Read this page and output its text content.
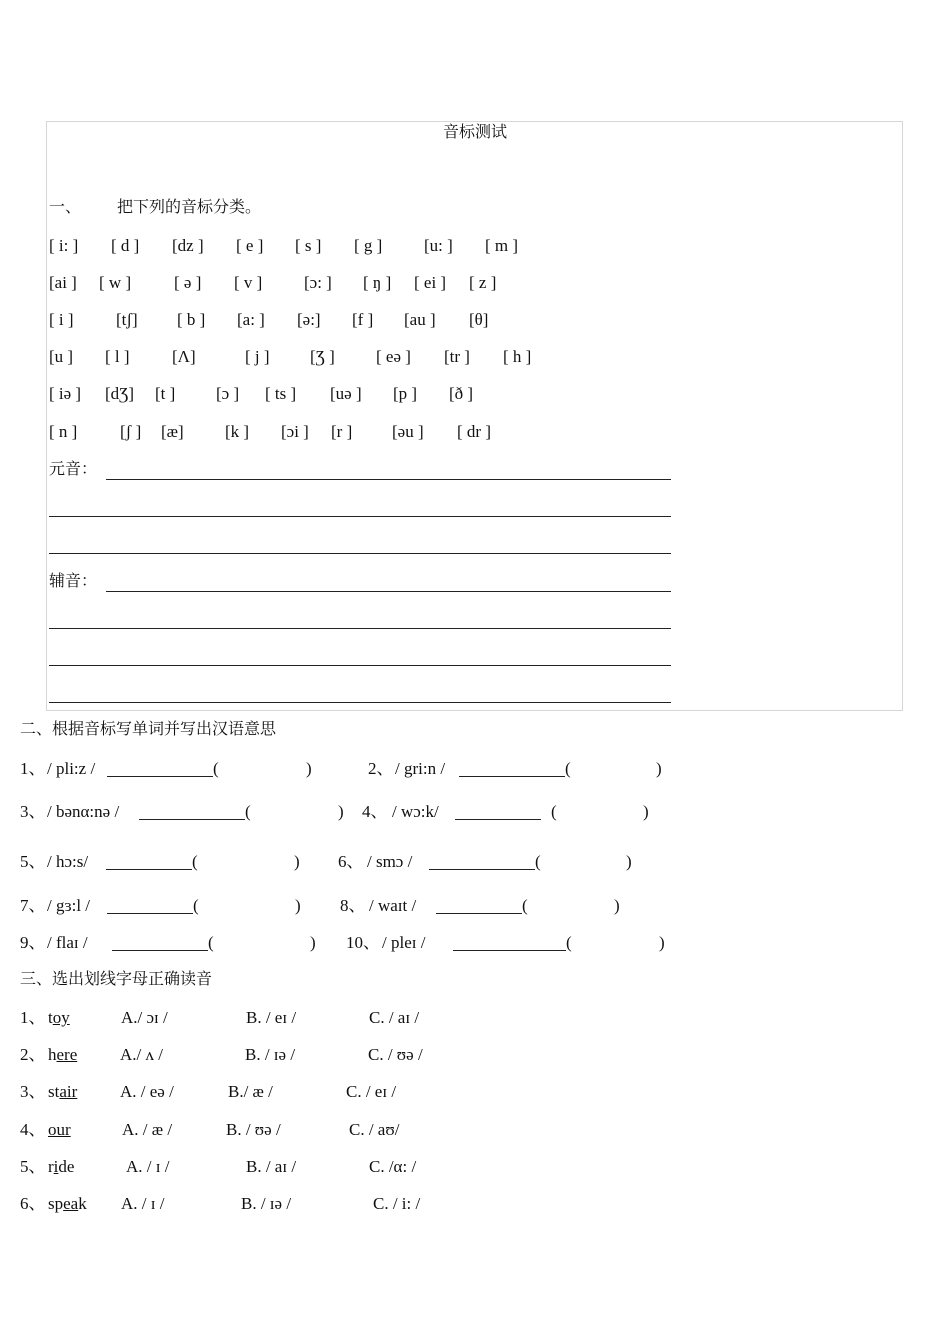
音标测试
一、 把下列的音标分类。
[ i: ] [ d ] [dz ] [ e ] [ s ] [ g ] [u: ] [ m ]
[ai ] [ w ]	[ ə ] [ v ] [ɔ: ] [ ŋ ] [ ei ] [ z ]
[ i ] [tʃ] [ b ] [a: ] [ə:] [f ] [au ] [θ]
[u ] [ l ] [Λ]	[ j ] [Ʒ ] [ eə ] [tr ] [ h ]
[ iə ] [dƷ] [t ] [ɔ ] [ ts ] [uə ] [p ] [ð ]
[ n ]	[ʃ ] [æ] [k ] [ɔi ] [r ] [əu ] [ dr ]
元音：
辅音：
二、根据音标写单词并写出汉语意思
1、 / pli:z /	(	)	2、 / gri:n /	(	)
3、 / bənα:nə /	(	) 4、 / wɔ:k/	(	)
5、 / hɔ:s/	(	) 6、 / smɔ /	(	)
7、 / gɜ:l /	(	) 8、 / waɪt /	(	)
9、 / flaɪ /	(	) 10、 / pleɪ /	(	)
三、选出划线字母正确读音
1、 toy	A./ ɔɪ /	B. / eɪ /	C. / aɪ /
2、 here	A./ ʌ /	B. / ɪə /	C. / ʊə /
3、 stair	A. / eə /	B./ æ /	C. / eɪ /
4、 our	A. / æ /	B. / ʊə /	C. / aʊ/
5、 ride	A. / ɪ /	B. / aɪ /	C. /α: /
6、 speak A. / ɪ /	B. / ɪə /	C. / i: /
